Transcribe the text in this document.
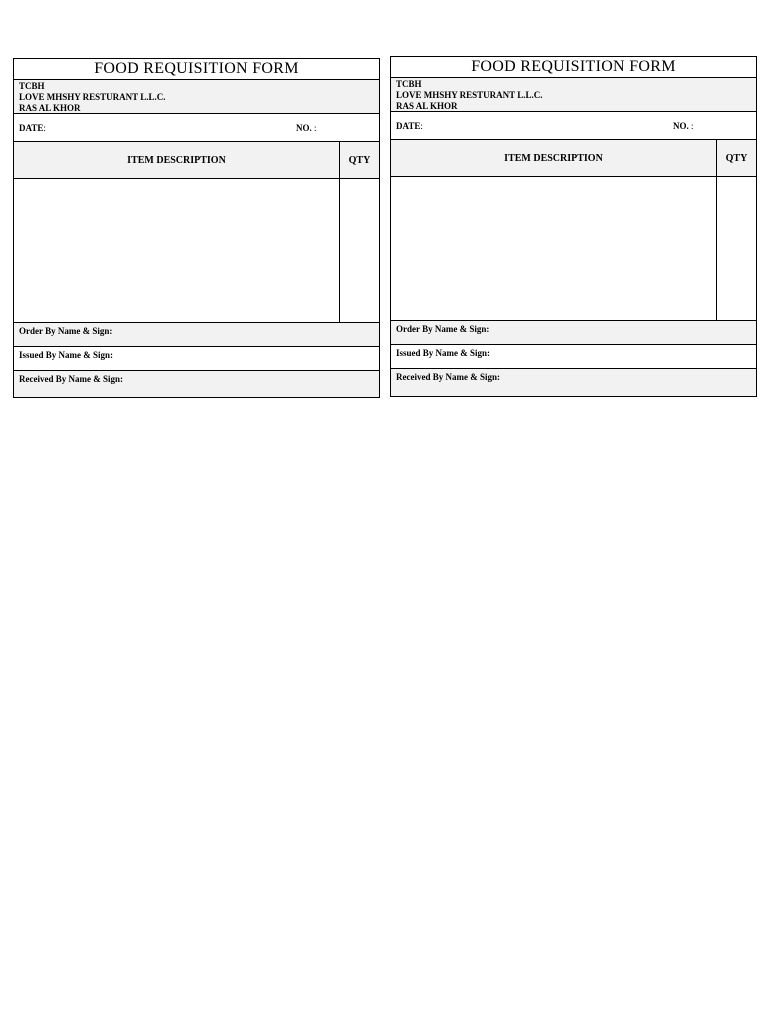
FOOD REQUISITION FORM
TCBH
LOVE MHSHY RESTURANT L.L.C.
RAS AL KHOR
DATE:	NO. :
ITEM DESCRIPTION	QTY
Order By Name & Sign:
Issued By Name & Sign:
Received By Name & Sign:
FOOD REQUISITION FORM
TCBH
LOVE MHSHY RESTURANT L.L.C.
RAS AL KHOR
DATE:	NO. :
ITEM DESCRIPTION	QTY
Order By Name & Sign:
Issued By Name & Sign:
Received By Name & Sign:
